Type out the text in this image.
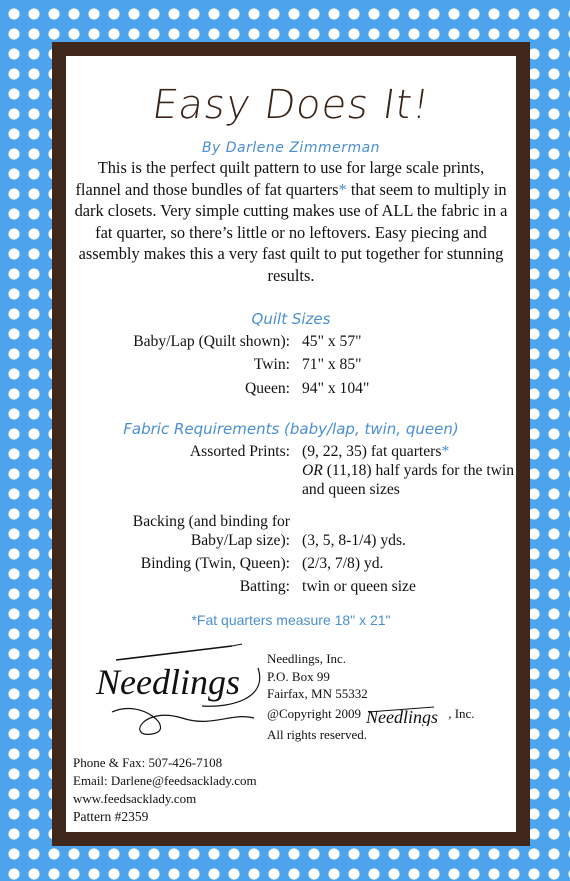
Easy Does It!
By Darlene Zimmerman
This is the perfect quilt pattern to use for large scale prints, flannel and those bundles of fat quarters* that seem to multiply in dark closets. Very simple cutting makes use of ALL the fabric in a fat quarter, so there’s little or no leftovers. Easy piecing and assembly makes this a very fast quilt to put together for stunning results.
Quilt Sizes
Baby/Lap (Quilt shown): 45" x 57"
Twin: 71" x 85"
Queen: 94" x 104"
Fabric Requirements (baby/lap, twin, queen)
Assorted Prints: (9, 22, 35) fat quarters*
OR (11,18) half yards for the twin
and queen sizes
Backing (and binding for
Baby/Lap size): (3, 5, 8-1/4) yds.
Binding (Twin, Queen): (2/3, 7/8) yd.
Batting: twin or queen size
*Fat quarters measure 18" x 21"
Needlings
Needlings, Inc.
P.O. Box 99
Fairfax, MN 55332
@Copyright 2009 Needlings , Inc.
All rights reserved.
Phone & Fax: 507-426-7108
Email: Darlene@feedsacklady.com
www.feedsacklady.com
Pattern #2359
